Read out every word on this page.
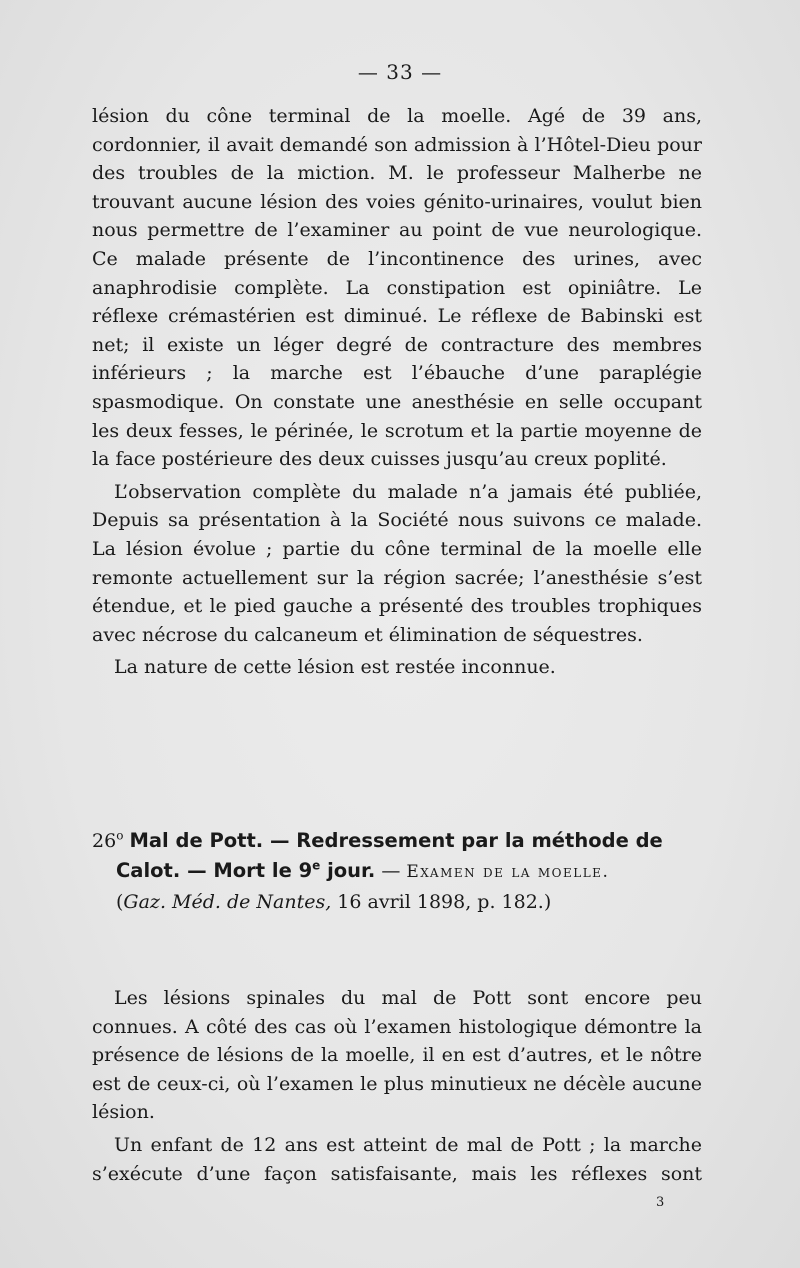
— 33 —

lésion du cône terminal de la moelle. Agé de 39 ans, cordonnier, il avait demandé son admission à l’Hôtel-Dieu pour des troubles de la miction. M. le professeur Malherbe ne trouvant aucune lésion des voies génito-urinaires, voulut bien nous permettre de l’examiner au point de vue neurologique. Ce malade présente de l’incontinence des urines, avec anaphrodisie complète. La constipation est opiniâtre. Le réflexe crémastérien est diminué. Le réflexe de Babinski est net; il existe un léger degré de contracture des membres inférieurs ; la marche est l’ébauche d’une paraplégie spasmodique. On constate une anesthésie en selle occupant les deux fesses, le périnée, le scrotum et la partie moyenne de la face postérieure des deux cuisses jusqu’au creux poplité.

L’observation complète du malade n’a jamais été publiée, Depuis sa présentation à la Société nous suivons ce malade. La lésion évolue ; partie du cône terminal de la moelle elle remonte actuellement sur la région sacrée; l’anesthésie s’est étendue, et le pied gauche a présenté des troubles trophiques avec nécrose du calcaneum et élimination de séquestres.

La nature de cette lésion est restée inconnue.

26$^o$ Mal de Pott. — Redressement par la méthode de
Calot. — Mort le 9e jour. — Examen de la moelle.
(Gaz. Méd. de Nantes, 16 avril 1898, p. 182.)

Les lésions spinales du mal de Pott sont encore peu connues. A côté des cas où l’examen histologique démontre la présence de lésions de la moelle, il en est d’autres, et le nôtre est de ceux-ci, où l’examen le plus minutieux ne décèle aucune lésion.

Un enfant de 12 ans est atteint de mal de Pott ; la marche s’exécute d’une façon satisfaisante, mais les réflexes sont

3
